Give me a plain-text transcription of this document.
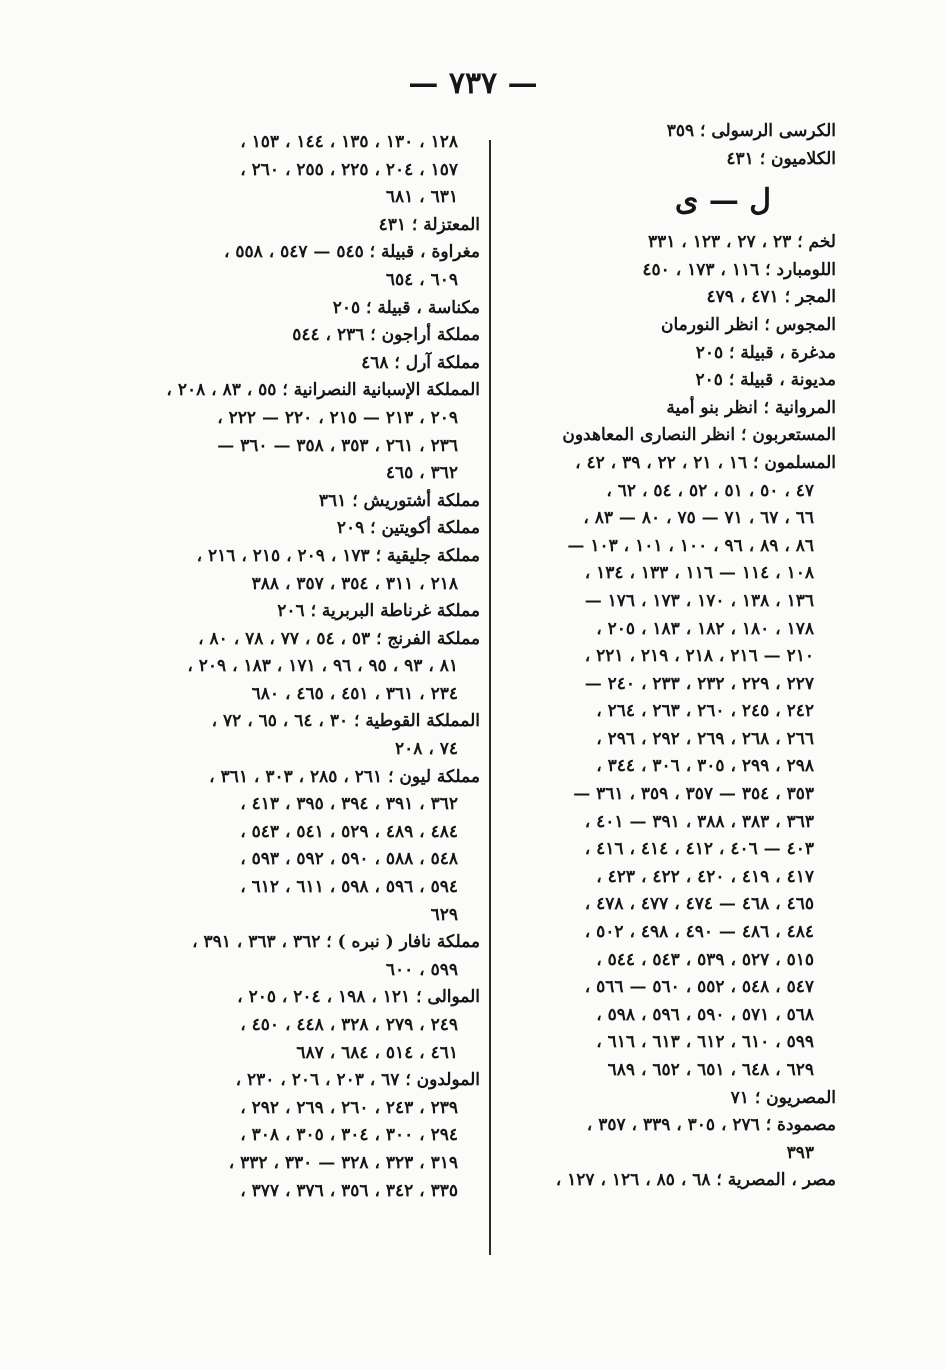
— ٧٣٧ —
الكرسى الرسولى ؛ ٣٥٩
الكلاميون ؛ ٤٣١
ل — ى
لخم ؛ ٢٣ ، ٢٧ ، ١٢٣ ، ٣٣١
اللومبارد ؛ ١١٦ ، ١٧٣ ، ٤٥٠
المجر ؛ ٤٧١ ، ٤٧٩
المجوس ؛ انظر النورمان
مدغرة ، قبيلة ؛ ٢٠٥
مديونة ، قبيلة ؛ ٢٠٥
المروانية ؛ انظر بنو أمية
المستعربون ؛ انظر النصارى المعاهدون
المسلمون ؛ ١٦ ، ٢١ ، ٢٢ ، ٣٩ ، ٤٢ ،
٤٧ ، ٥٠ ، ٥١ ، ٥٢ ، ٥٤ ، ٦٢ ،
٦٦ ، ٦٧ ، ٧١ — ٧٥ ، ٨٠ — ٨٣ ،
٨٦ ، ٨٩ ، ٩٦ ، ١٠٠ ، ١٠١ ، ١٠٣ —
١٠٨ ، ١١٤ — ١١٦ ، ١٣٣ ، ١٣٤ ،
١٣٦ ، ١٣٨ ، ١٧٠ ، ١٧٣ ، ١٧٦ —
١٧٨ ، ١٨٠ ، ١٨٢ ، ١٨٣ ، ٢٠٥ ،
٢١٠ — ٢١٦ ، ٢١٨ ، ٢١٩ ، ٢٢١ ،
٢٢٧ ، ٢٢٩ ، ٢٣٢ ، ٢٣٣ ، ٢٤٠ —
٢٤٢ ، ٢٤٥ ، ٢٦٠ ، ٢٦٣ ، ٢٦٤ ،
٢٦٦ ، ٢٦٨ ، ٢٦٩ ، ٢٩٢ ، ٢٩٦ ،
٢٩٨ ، ٢٩٩ ، ٣٠٥ ، ٣٠٦ ، ٣٤٤ ،
٣٥٣ ، ٣٥٤ — ٣٥٧ ، ٣٥٩ ، ٣٦١ —
٣٦٣ ، ٣٨٣ ، ٣٨٨ ، ٣٩١ — ٤٠١ ،
٤٠٣ — ٤٠٦ ، ٤١٢ ، ٤١٤ ، ٤١٦ ،
٤١٧ ، ٤١٩ ، ٤٢٠ ، ٤٢٢ ، ٤٢٣ ،
٤٦٥ ، ٤٦٨ — ٤٧٤ ، ٤٧٧ ، ٤٧٨ ،
٤٨٤ ، ٤٨٦ — ٤٩٠ ، ٤٩٨ ، ٥٠٢ ،
٥١٥ ، ٥٢٧ ، ٥٣٩ ، ٥٤٣ ، ٥٤٤ ،
٥٤٧ ، ٥٤٨ ، ٥٥٢ ، ٥٦٠ — ٥٦٦ ،
٥٦٨ ، ٥٧١ ، ٥٩٠ ، ٥٩٦ ، ٥٩٨ ،
٥٩٩ ، ٦١٠ ، ٦١٢ ، ٦١٣ ، ٦١٦ ،
٦٢٩ ، ٦٤٨ ، ٦٥١ ، ٦٥٢ ، ٦٨٩
المصريون ؛ ٧١
مصمودة ؛ ٢٧٦ ، ٣٠٥ ، ٣٣٩ ، ٣٥٧ ،
٣٩٣
مصر ، المصرية ؛ ٦٨ ، ٨٥ ، ١٢٦ ، ١٢٧ ،
١٢٨ ، ١٣٠ ، ١٣٥ ، ١٤٤ ، ١٥٣ ،
١٥٧ ، ٢٠٤ ، ٢٢٥ ، ٢٥٥ ، ٢٦٠ ،
٦٣١ ، ٦٨١
المعتزلة ؛ ٤٣١
مغراوة ، قبيلة ؛ ٥٤٥ — ٥٤٧ ، ٥٥٨ ،
٦٠٩ ، ٦٥٤
مكناسة ، قبيلة ؛ ٢٠٥
مملكة أراجون ؛ ٢٣٦ ، ٥٤٤
مملكة آرل ؛ ٤٦٨
المملكة الإسبانية النصرانية ؛ ٥٥ ، ٨٣ ، ٢٠٨ ،
٢٠٩ ، ٢١٣ — ٢١٥ ، ٢٢٠ — ٢٢٢ ،
٢٣٦ ، ٢٦١ ، ٣٥٣ ، ٣٥٨ — ٣٦٠ —
٣٦٢ ، ٤٦٥
مملكة أشتوريش ؛ ٣٦١
مملكة أكويتين ؛ ٢٠٩
مملكة جليقية ؛ ١٧٣ ، ٢٠٩ ، ٢١٥ ، ٢١٦ ،
٢١٨ ، ٣١١ ، ٣٥٤ ، ٣٥٧ ، ٣٨٨
مملكة غرناطة البربرية ؛ ٢٠٦
مملكة الفرنج ؛ ٥٣ ، ٥٤ ، ٧٧ ، ٧٨ ، ٨٠ ،
٨١ ، ٩٣ ، ٩٥ ، ٩٦ ، ١٧١ ، ١٨٣ ، ٢٠٩ ،
٢٣٤ ، ٣٦١ ، ٤٥١ ، ٤٦٥ ، ٦٨٠
المملكة القوطية ؛ ٣٠ ، ٦٤ ، ٦٥ ، ٧٢ ،
٧٤ ، ٢٠٨
مملكة ليون ؛ ٢٦١ ، ٢٨٥ ، ٣٠٣ ، ٣٦١ ،
٣٦٢ ، ٣٩١ ، ٣٩٤ ، ٣٩٥ ، ٤١٣ ،
٤٨٤ ، ٤٨٩ ، ٥٢٩ ، ٥٤١ ، ٥٤٣ ،
٥٤٨ ، ٥٨٨ ، ٥٩٠ ، ٥٩٢ ، ٥٩٣ ،
٥٩٤ ، ٥٩٦ ، ٥٩٨ ، ٦١١ ، ٦١٢ ،
٦٢٩
مملكة نافار ( نبره ) ؛ ٣٦٢ ، ٣٦٣ ، ٣٩١ ،
٥٩٩ ، ٦٠٠
الموالى ؛ ١٢١ ، ١٩٨ ، ٢٠٤ ، ٢٠٥ ،
٢٤٩ ، ٢٧٩ ، ٣٢٨ ، ٤٤٨ ، ٤٥٠ ،
٤٦١ ، ٥١٤ ، ٦٨٤ ، ٦٨٧
المولدون ؛ ٦٧ ، ٢٠٣ ، ٢٠٦ ، ٢٣٠ ،
٢٣٩ ، ٢٤٣ ، ٢٦٠ ، ٢٦٩ ، ٢٩٢ ،
٢٩٤ ، ٣٠٠ ، ٣٠٤ ، ٣٠٥ ، ٣٠٨ ،
٣١٩ ، ٣٢٣ ، ٣٢٨ — ٣٣٠ ، ٣٣٢ ،
٣٣٥ ، ٣٤٢ ، ٣٥٦ ، ٣٧٦ ، ٣٧٧ ،
